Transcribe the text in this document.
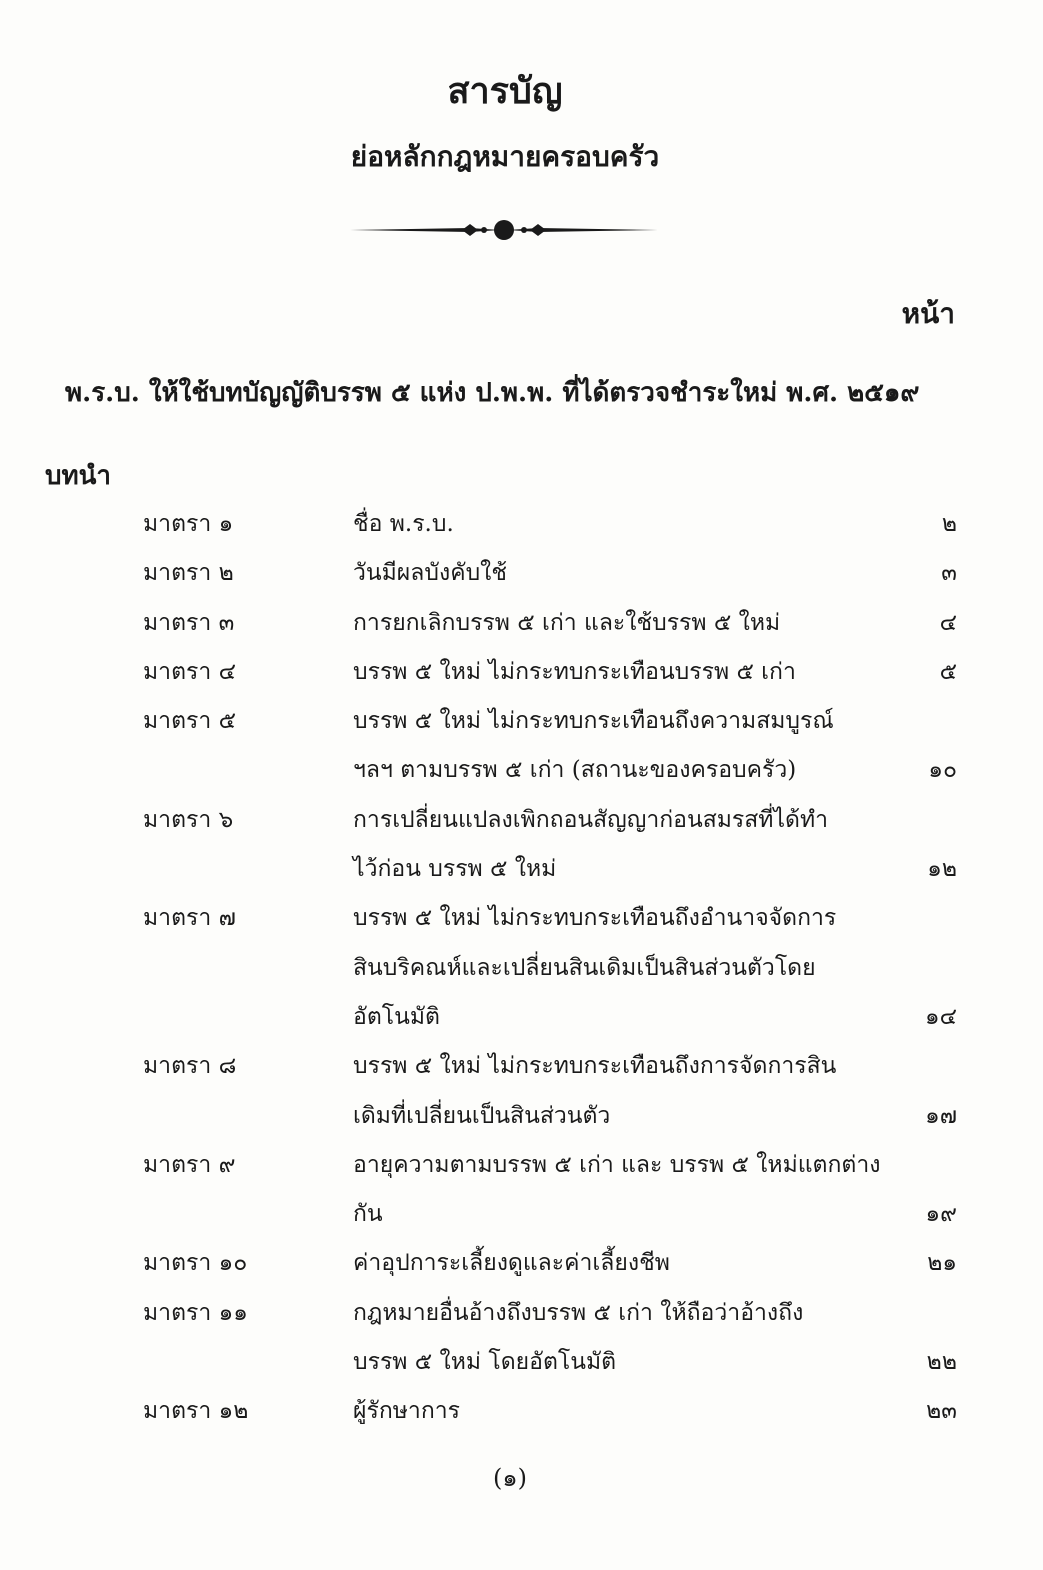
สารบัญ
ย่อหลักกฎหมายครอบครัว
หน้า
พ.ร.บ. ให้ใช้บทบัญญัติบรรพ ๕ แห่ง ป.พ.พ. ที่ได้ตรวจชำระใหม่ พ.ศ. ๒๕๑๙
บทนำ
มาตรา ๑	ชื่อ พ.ร.บ.	๒
มาตรา ๒	วันมีผลบังคับใช้	๓
มาตรา ๓	การยกเลิกบรรพ ๕ เก่า และใช้บรรพ ๕ ใหม่	๔
มาตรา ๔	บรรพ ๕ ใหม่ ไม่กระทบกระเทือนบรรพ ๕ เก่า	๕
มาตรา ๕	บรรพ ๕ ใหม่ ไม่กระทบกระเทือนถึงความสมบูรณ์
ฯลฯ ตามบรรพ ๕ เก่า (สถานะของครอบครัว)	๑๐
มาตรา ๖	การเปลี่ยนแปลงเพิกถอนสัญญาก่อนสมรสที่ได้ทำ
ไว้ก่อน บรรพ ๕ ใหม่	๑๒
มาตรา ๗	บรรพ ๕ ใหม่ ไม่กระทบกระเทือนถึงอำนาจจัดการ
สินบริคณห์และเปลี่ยนสินเดิมเป็นสินส่วนตัวโดย
อัตโนมัติ	๑๔
มาตรา ๘	บรรพ ๕ ใหม่ ไม่กระทบกระเทือนถึงการจัดการสิน
เดิมที่เปลี่ยนเป็นสินส่วนตัว	๑๗
มาตรา ๙	อายุความตามบรรพ ๕ เก่า และ บรรพ ๕ ใหม่แตกต่าง
กัน	๑๙
มาตรา ๑๐	ค่าอุปการะเลี้ยงดูและค่าเลี้ยงชีพ	๒๑
มาตรา ๑๑	กฎหมายอื่นอ้างถึงบรรพ ๕ เก่า ให้ถือว่าอ้างถึง
บรรพ ๕ ใหม่ โดยอัตโนมัติ	๒๒
มาตรา ๑๒	ผู้รักษาการ	๒๓
(๑)
